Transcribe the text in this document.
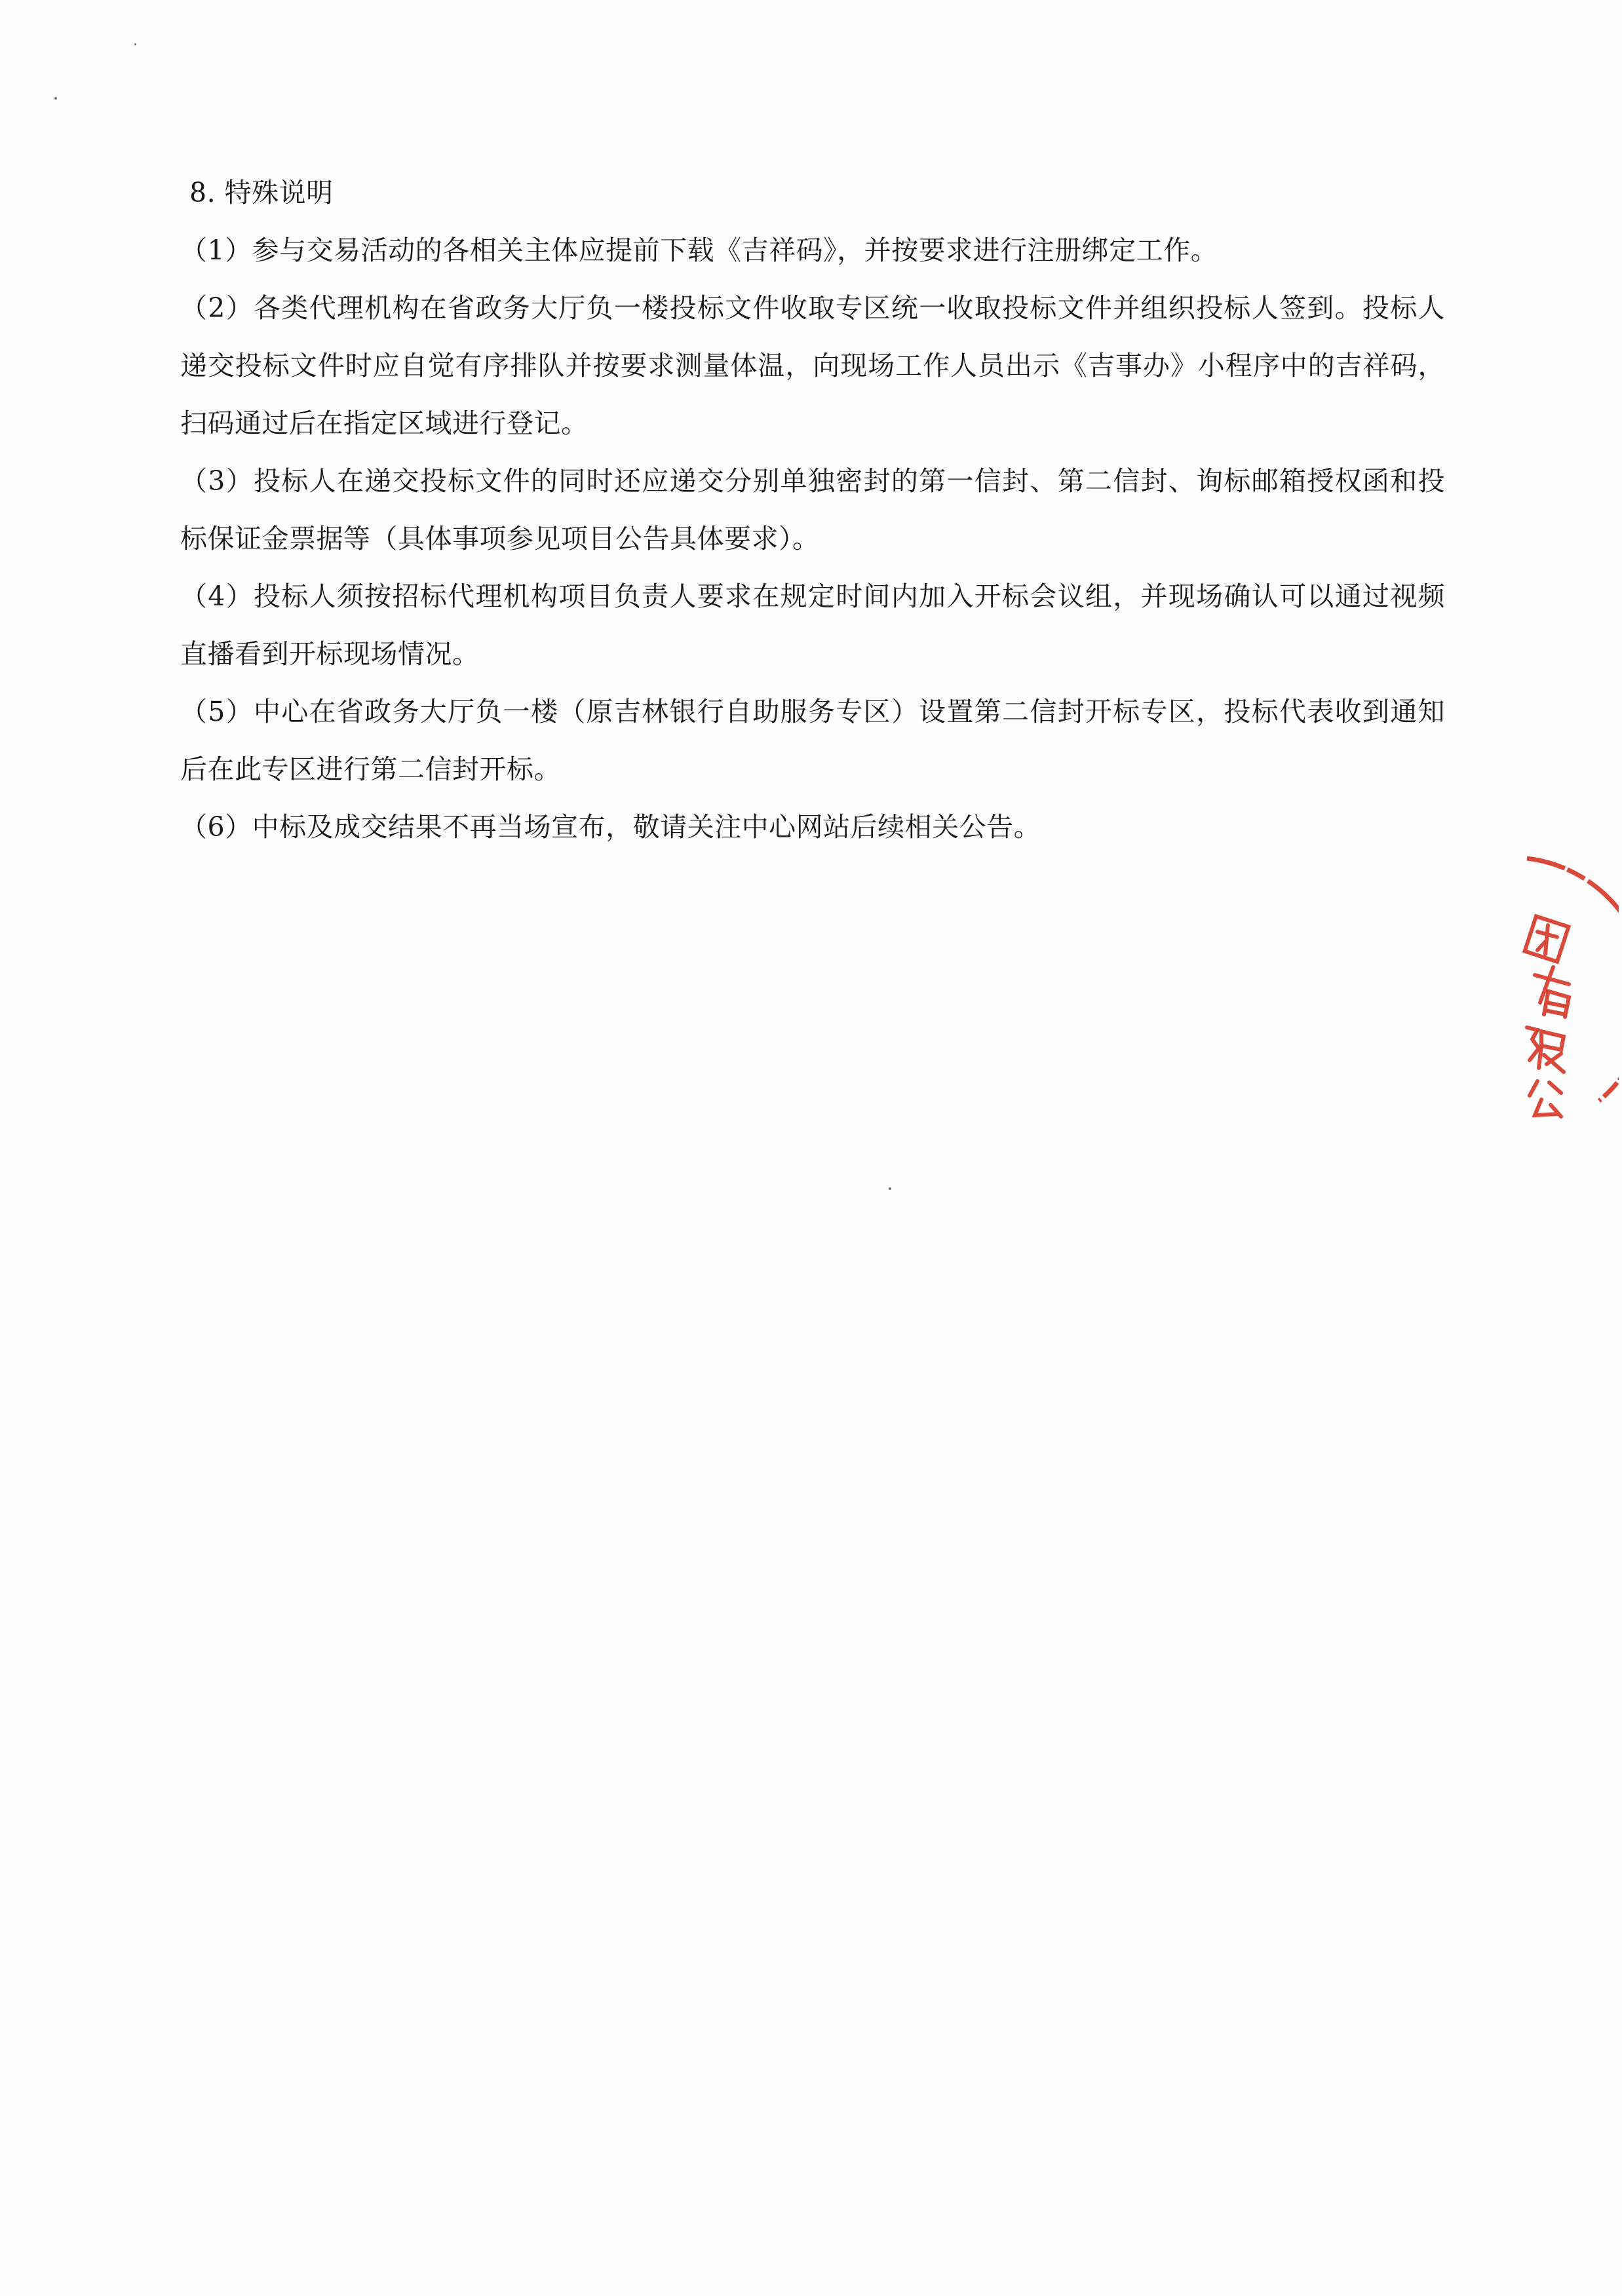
8. 特殊说明

（1）参与交易活动的各相关主体应提前下载《吉祥码》，并按要求进行注册绑定工作。

（2）各类代理机构在省政务大厅负一楼投标文件收取专区统一收取投标文件并组织投标人签到。投标人递交投标文件时应自觉有序排队并按要求测量体温，向现场工作人员出示《吉事办》小程序中的吉祥码，扫码通过后在指定区域进行登记。

（3）投标人在递交投标文件的同时还应递交分别单独密封的第一信封、第二信封、询标邮箱授权函和投标保证金票据等（具体事项参见项目公告具体要求）。

（4）投标人须按招标代理机构项目负责人要求在规定时间内加入开标会议组，并现场确认可以通过视频直播看到开标现场情况。

（5）中心在省政务大厅负一楼（原吉林银行自助服务专区）设置第二信封开标专区，投标代表收到通知后在此专区进行第二信封开标。

（6）中标及成交结果不再当场宣布，敬请关注中心网站后续相关公告。
